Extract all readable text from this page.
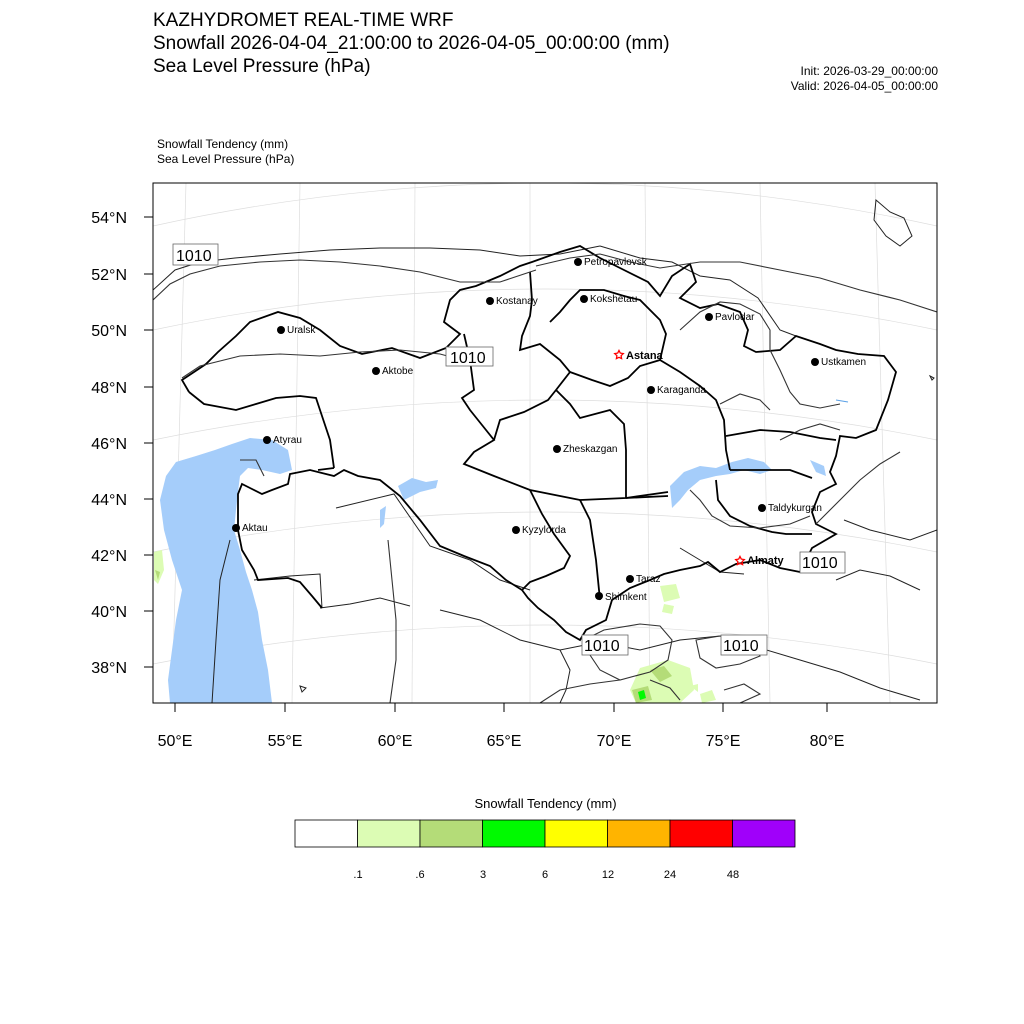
KAZHYDROMET REAL-TIME WRF
Snowfall 2026-04-04_21:00:00 to 2026-04-05_00:00:00 (mm)
Sea Level Pressure (hPa)	Init: 2026-03-29_00:00:00
Valid: 2026-04-05_00:00:00
Snowfall Tendency (mm)
Sea Level Pressure (hPa)
54°N
52°N
50°N
48°N
46°N
44°N
42°N
40°N
38°N
50°E	55°E	60°E	65°E	70°E	75°E	80°E
1010
1010
1010
1010	1010
Petropavlovsk
Kostanay	Kokshetau
Pavlodar
Uralsk
Aktobe
Astana
Ustkamen
Karaganda
Atyrau
Zheskazgan
Aktau	Kyzylorda
Taldykurgan
Almaty
Taraz
Shimkent
.1	.6	3	6	12	24	48
Snowfall Tendency (mm)
